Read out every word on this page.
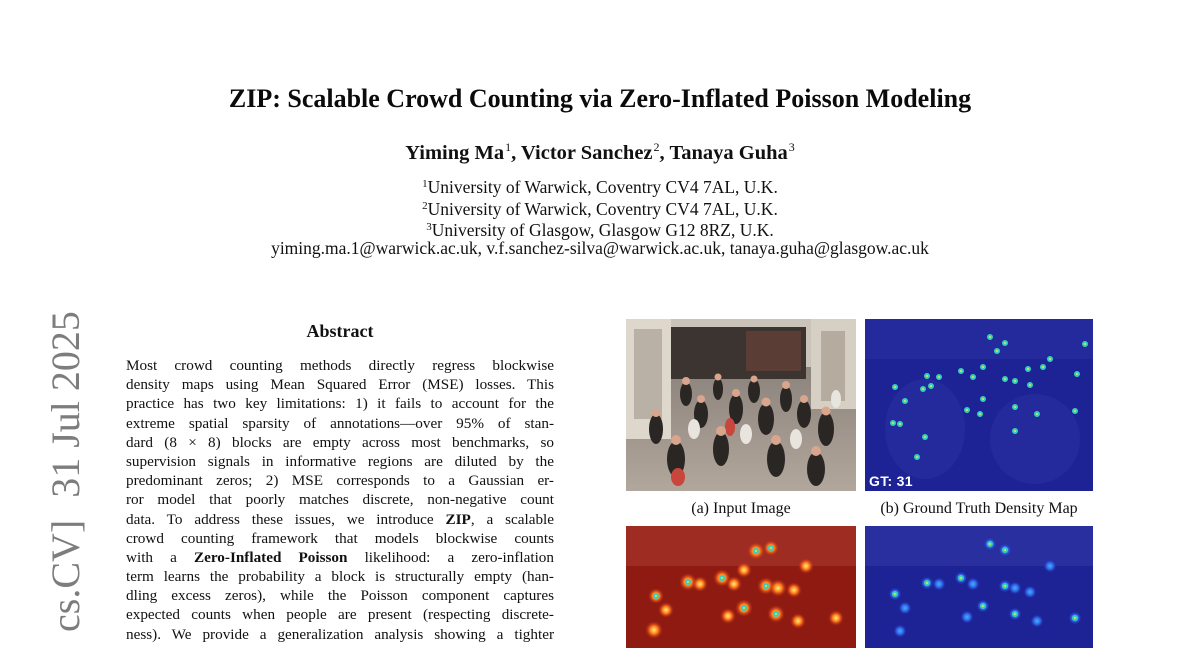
ZIP: Scalable Crowd Counting via Zero-Inflated Poisson Modeling
Yiming Ma$^1$, Victor Sanchez$^2$, Tanaya Guha$^3$
$^1$University of Warwick, Coventry CV4 7AL, U.K.
$^2$University of Warwick, Coventry CV4 7AL, U.K.
$^3$University of Glasgow, Glasgow G12 8RZ, U.K.
yiming.ma.1@warwick.ac.uk, v.f.sanchez-silva@warwick.ac.uk, tanaya.guha@glasgow.ac.uk
cs.CV]31 Jul 2025	Abstract
Most crowd counting methods directly regress blockwise
density maps using Mean Squared Error (MSE) losses. This
practice has two key limitations: 1) it fails to account for the
extreme spatial sparsity of annotations—over 95% of stan-
dard (8 × 8) blocks are empty across most benchmarks, so
supervision signals in informative regions are diluted by the
predominant zeros; 2) MSE corresponds to a Gaussian er-
ror model that poorly matches discrete, non-negative count
data. To address these issues, we introduce ZIP, a scalable
crowd counting framework that models blockwise counts
with a Zero-Inflated Poisson likelihood: a zero-inflation
term learns the probability a block is structurally empty (han-
dling excess zeros), while the Poisson component captures
expected counts when people are present (respecting discrete-
ness). We provide a generalization analysis showing a tighter
GT: 31
(a) Input Image	(b) Ground Truth Density Map
